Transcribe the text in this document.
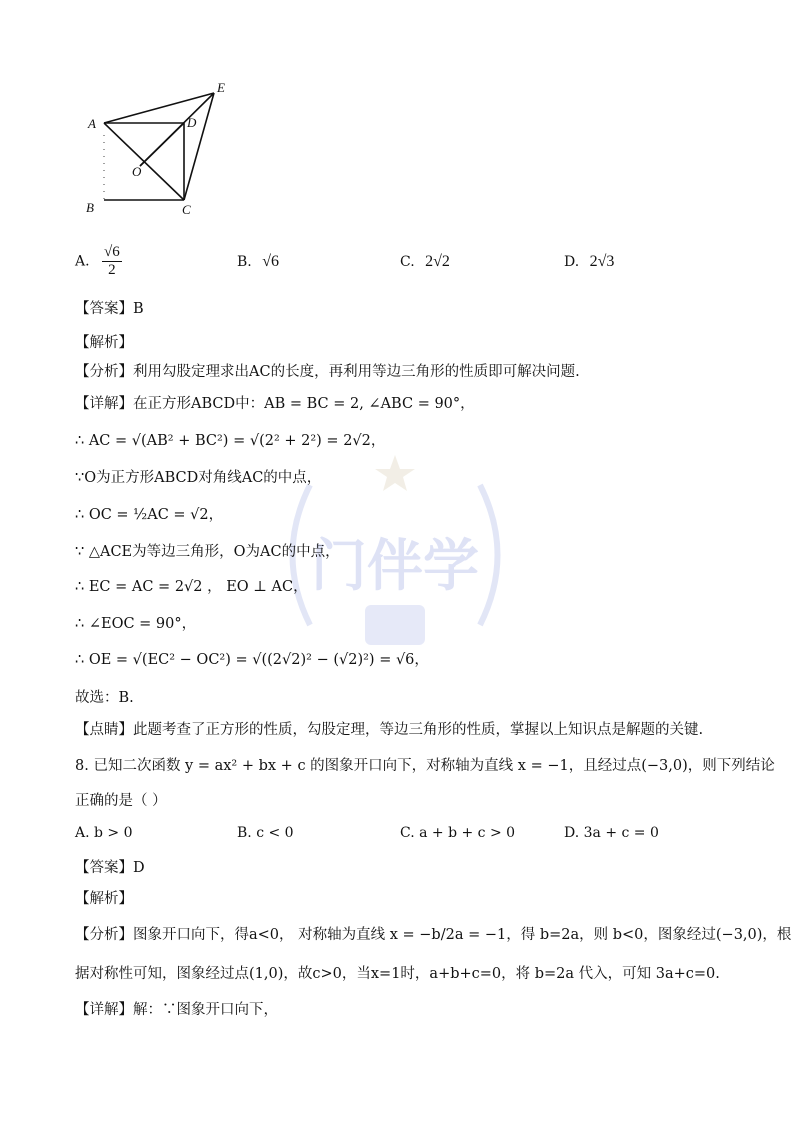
A	D
E
O
B	C
门伴学
A. $\frac{√6}{2}$	B. √6	C. 2√2	D. 2√3
【答案】B
【解析】
【分析】利用勾股定理求出AC的长度，再利用等边三角形的性质即可解决问题.
【详解】在正方形ABCD中：AB = BC = 2, ∠ABC = 90°，
∴ AC = √(AB² + BC²) = √(2² + 2²) = 2√2，
∵O为正方形ABCD对角线AC的中点，
∴ OC = ½AC = √2，
∵ △ACE为等边三角形，O为AC的中点，
∴ EC = AC = 2√2 ， EO ⊥ AC，
∴ ∠EOC = 90°，
∴ OE = √(EC² − OC²) = √((2√2)² − (√2)²) = √6，
故选：B.
【点睛】此题考查了正方形的性质，勾股定理，等边三角形的性质，掌握以上知识点是解题的关键.
8. 已知二次函数 y = ax² + bx + c 的图象开口向下，对称轴为直线 x = −1，且经过点(−3,0)，则下列结论
正确的是（ ）
A. b > 0	B. c < 0	C. a + b + c > 0	D. 3a + c = 0
【答案】D
【解析】
【分析】图象开口向下，得a<0， 对称轴为直线 x = −b/2a = −1，得 b=2a，则 b<0，图象经过(−3,0)，根
据对称性可知，图象经过点(1,0)，故c>0，当x=1时，a+b+c=0，将 b=2a 代入，可知 3a+c=0.
【详解】解：∵图象开口向下，
